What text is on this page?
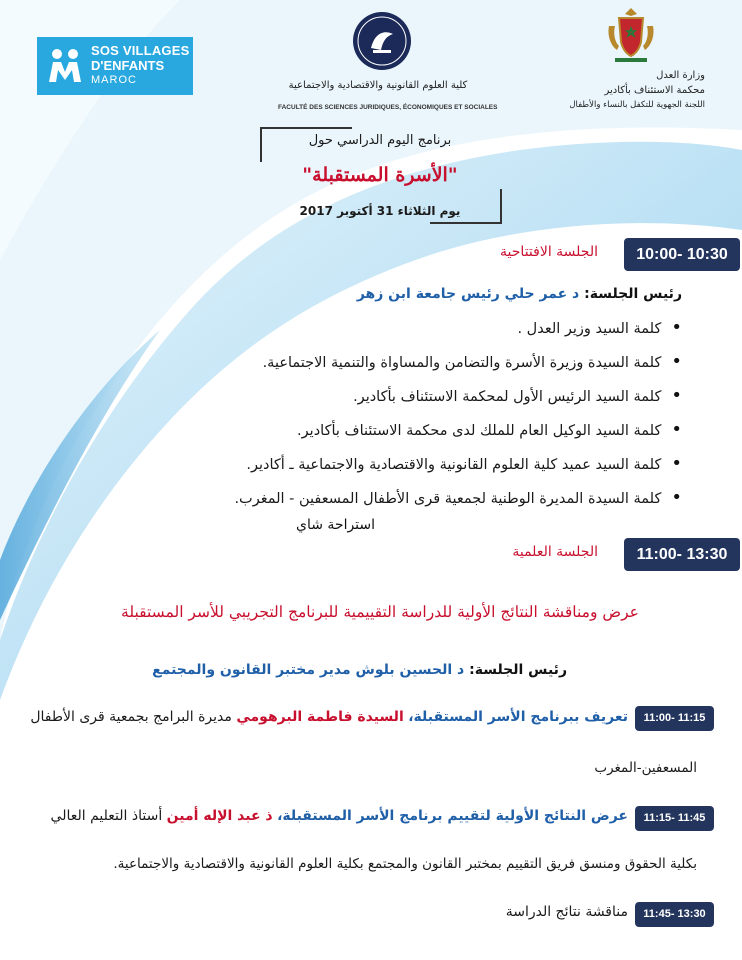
SOS VILLAGES
D'ENFANTS
MAROC	كلية العلوم القانونية والاقتصادية والاجتماعية
FACULTÉ DES SCIENCES JURIDIQUES, ÉCONOMIQUES ET SOCIALES
وزارة العدل
محكمة الاستئناف بأكادير
اللجنة الجهوية للتكفل بالنساء والأطفال
برنامج اليوم الدراسي حول
"الأسرة المستقبلة"
يوم الثلاثاء 31 أكتوبر 2017
10:00- 10:30
الجلسة الافتتاحية
رئيس الجلسة: د عمر حلي رئيس جامعة ابن زهر
• كلمة السيد وزير العدل .
• كلمة السيدة وزيرة الأسرة والتضامن والمساواة والتنمية الاجتماعية.
• كلمة السيد الرئيس الأول لمحكمة الاستئناف بأكادير.
• كلمة السيد الوكيل العام للملك لدى محكمة الاستئناف بأكادير.
• كلمة السيد عميد كلية العلوم القانونية والاقتصادية والاجتماعية ـ أكادير.
• كلمة السيدة المديرة الوطنية لجمعية قرى الأطفال المسعفين - المغرب.
استراحة شاي
11:00- 13:30
الجلسة العلمية
عرض ومناقشة النتائج الأولية للدراسة التقييمية للبرنامج التجريبي للأسر المستقبلة
رئيس الجلسة: د الحسين بلوش مدير مختبر القانون والمجتمع
11:00- 11:15
تعريف ببرنامج الأسر المستقبلة، السيدة فاطمة البرهومي مديرة البرامج بجمعية قرى الأطفال
المسعفين-المغرب
11:15- 11:45
عرض النتائج الأولية لتقييم برنامج الأسر المستقبلة، ذ عبد الإله أمين أستاذ التعليم العالي
بكلية الحقوق ومنسق فريق التقييم بمختبر القانون والمجتمع بكلية العلوم القانونية والاقتصادية والاجتماعية.
11:45- 13:30
مناقشة نتائج الدراسة
